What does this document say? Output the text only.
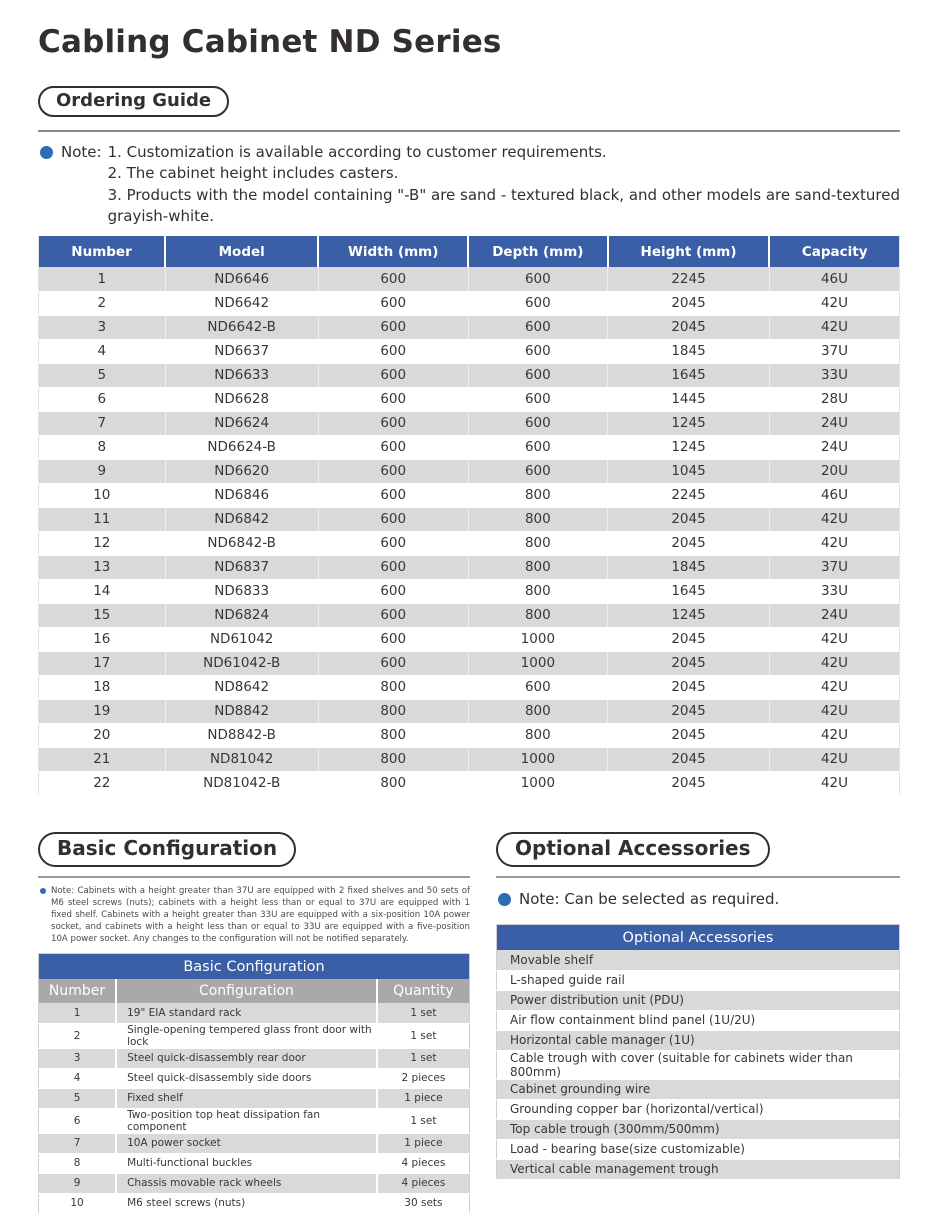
Cabling Cabinet ND Series
Ordering Guide
Note: 1. Customization is available according to customer requirements.
2. The cabinet height includes casters.
3. Products with the model containing "-B" are sand - textured black, and other models are sand-textured grayish-white.
Number	Model	Width (mm)	Depth (mm)	Height (mm)	Capacity
1	ND6646	600	600	2245	46U
2	ND6642	600	600	2045	42U
3	ND6642-B	600	600	2045	42U
4	ND6637	600	600	1845	37U
5	ND6633	600	600	1645	33U
6	ND6628	600	600	1445	28U
7	ND6624	600	600	1245	24U
8	ND6624-B	600	600	1245	24U
9	ND6620	600	600	1045	20U
10	ND6846	600	800	2245	46U
11	ND6842	600	800	2045	42U
12	ND6842-B	600	800	2045	42U
13	ND6837	600	800	1845	37U
14	ND6833	600	800	1645	33U
15	ND6824	600	800	1245	24U
16	ND61042	600	1000	2045	42U
17	ND61042-B	600	1000	2045	42U
18	ND8642	800	600	2045	42U
19	ND8842	800	800	2045	42U
20	ND8842-B	800	800	2045	42U
21	ND81042	800	1000	2045	42U
22	ND81042-B	800	1000	2045	42U
Basic Configuration

Note: Cabinets with a height greater than 37U are equipped with 2 fixed shelves and 50 sets of M6 steel screws (nuts); cabinets with a height less than or equal to 37U are equipped with 1 fixed shelf. Cabinets with a height greater than 33U are equipped with a six-position 10A power socket, and cabinets with a height less than or equal to 33U are equipped with a five-position 10A power socket. Any changes to the configuration will not be notified separately.

Basic Configuration		
Number	Configuration	Quantity
1	19" EIA standard rack	1 set
2	Single-opening tempered glass front door with lock	1 set
3	Steel quick-disassembly rear door	1 set
4	Steel quick-disassembly side doors	2 pieces
5	Fixed shelf	1 piece
6	Two-position top heat dissipation fan component	1 set
7	10A power socket	1 piece
8	Multi-functional buckles	4 pieces
9	Chassis movable rack wheels	4 pieces
10	M6 steel screws (nuts)	30 sets
Optional Accessories
Note: Can be selected as required.
Optional Accessories
Movable shelf
L-shaped guide rail
Power distribution unit (PDU)
Air flow containment blind panel (1U/2U)
Horizontal cable manager (1U)
Cable trough with cover (suitable for cabinets wider than 800mm)
Cabinet grounding wire
Grounding copper bar (horizontal/vertical)
Top cable trough (300mm/500mm)
Load - bearing base(size customizable)
Vertical cable management trough
